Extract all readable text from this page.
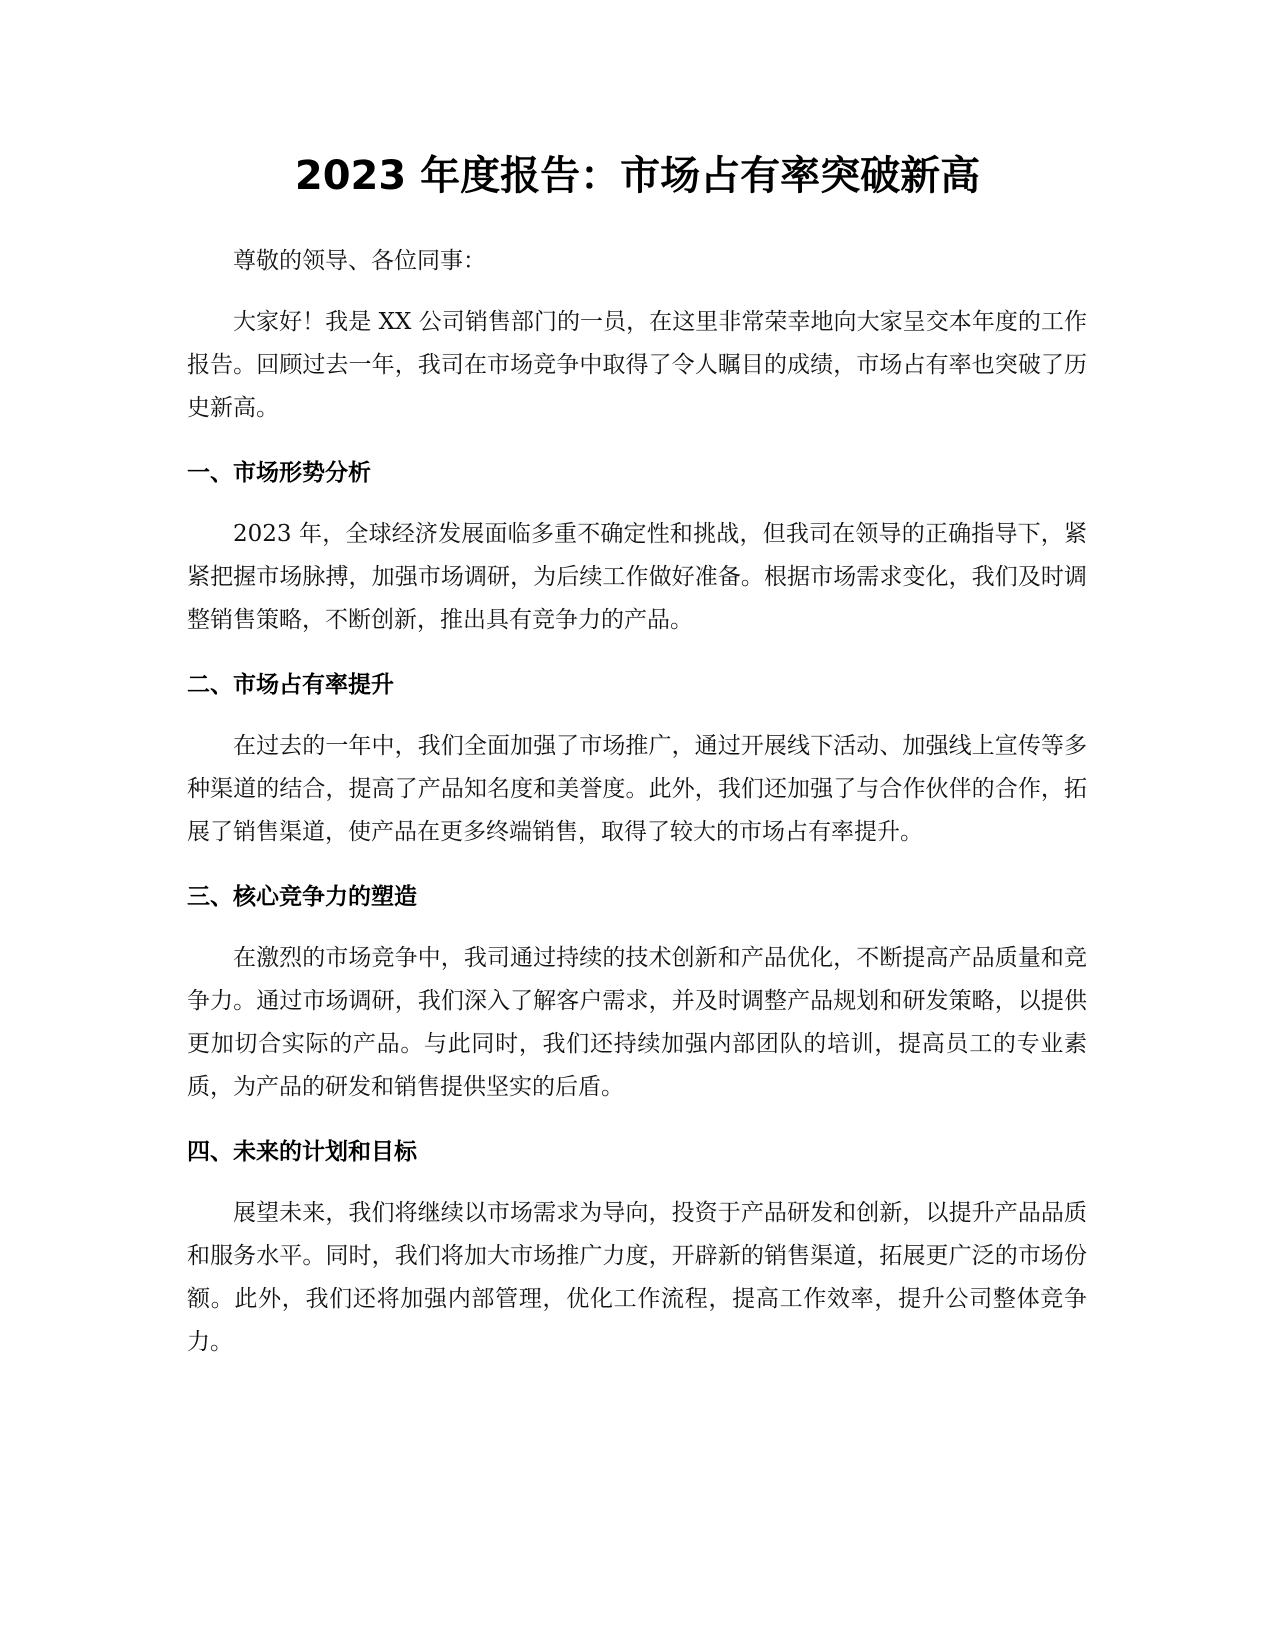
2023 年度报告：市场占有率突破新高

尊敬的领导、各位同事：

大家好！我是 XX 公司销售部门的一员，在这里非常荣幸地向大家呈交本年度的工作报告。回顾过去一年，我司在市场竞争中取得了令人瞩目的成绩，市场占有率也突破了历史新高。

一、市场形势分析

2023 年，全球经济发展面临多重不确定性和挑战，但我司在领导的正确指导下，紧紧把握市场脉搏，加强市场调研，为后续工作做好准备。根据市场需求变化，我们及时调整销售策略，不断创新，推出具有竞争力的产品。

二、市场占有率提升

在过去的一年中，我们全面加强了市场推广，通过开展线下活动、加强线上宣传等多种渠道的结合，提高了产品知名度和美誉度。此外，我们还加强了与合作伙伴的合作，拓展了销售渠道，使产品在更多终端销售，取得了较大的市场占有率提升。

三、核心竞争力的塑造

在激烈的市场竞争中，我司通过持续的技术创新和产品优化，不断提高产品质量和竞争力。通过市场调研，我们深入了解客户需求，并及时调整产品规划和研发策略，以提供更加切合实际的产品。与此同时，我们还持续加强内部团队的培训，提高员工的专业素质，为产品的研发和销售提供坚实的后盾。

四、未来的计划和目标

展望未来，我们将继续以市场需求为导向，投资于产品研发和创新，以提升产品品质和服务水平。同时，我们将加大市场推广力度，开辟新的销售渠道，拓展更广泛的市场份额。此外，我们还将加强内部管理，优化工作流程，提高工作效率，提升公司整体竞争力。
